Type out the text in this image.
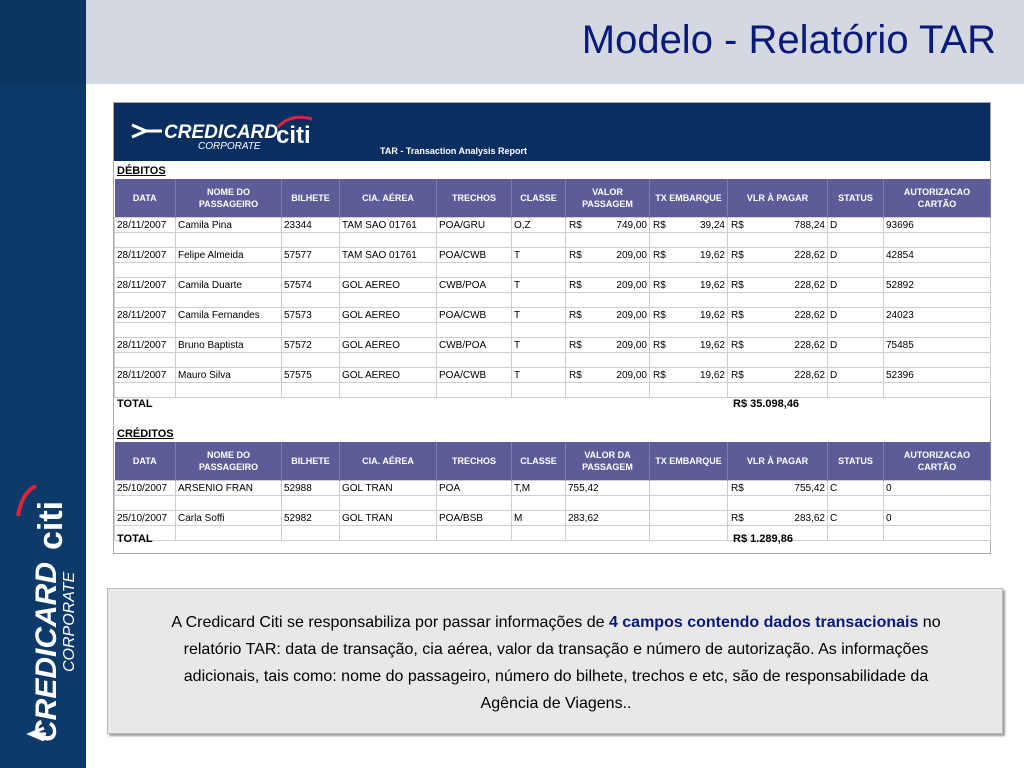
CREDICARD
CORPORATE
citi
Modelo - Relatório TAR
CREDICARD
CORPORATE citi
TAR - Transaction Analysis Report
DÉBITOS
DATA	NOME DO PASSAGEIRO	BILHETE	CIA. AÉREA	TRECHOS	CLASSE	VALOR PASSAGEM	TX EMBARQUE	VLR À PAGAR	STATUS	AUTORIZACAO CARTÃO
28/11/2007	Camila Pina	23344	TAM SAO 01761	POA/GRU	O,Z	R$ 749,00	R$ 39,24	R$ 788,24	D	93696

28/11/2007	Felipe Almeida	57577	TAM SAO 01761	POA/CWB	T	R$ 209,00	R$ 19,62	R$ 228,62	D	42854

28/11/2007	Camila Duarte	57574	GOL AEREO	CWB/POA	T	R$ 209,00	R$ 19,62	R$ 228,62	D	52892

28/11/2007	Camila Fernandes	57573	GOL AEREO	POA/CWB	T	R$ 209,00	R$ 19,62	R$ 228,62	D	24023

28/11/2007	Bruno Baptista	57572	GOL AEREO	CWB/POA	T	R$ 209,00	R$ 19,62	R$ 228,62	D	75485

28/11/2007	Mauro Silva	57575	GOL AEREO	POA/CWB	T	R$ 209,00	R$ 19,62	R$ 228,62	D	52396

TOTAL	R$ 35.098,46
CRÉDITOS
DATA	NOME DO PASSAGEIRO	BILHETE	CIA. AÉREA	TRECHOS	CLASSE	VALOR DA PASSAGEM	TX EMBARQUE	VLR À PAGAR	STATUS	AUTORIZACAO CARTÃO
25/10/2007	ARSENIO FRAN	52988	GOL TRAN	POA	T,M	755,42		R$ 755,42	C	0

25/10/2007	Carla Soffi	52982	GOL TRAN	POA/BSB	M	283,62		R$ 283,62	C	0

TOTAL	R$ 1.289,86
A Credicard Citi se responsabiliza por passar informações de 4 campos contendo dados transacionais no relatório TAR: data de transação, cia aérea, valor da transação e número de autorização. As informações adicionais, tais como: nome do passageiro, número do bilhete, trechos e etc, são de responsabilidade da Agência de Viagens..
